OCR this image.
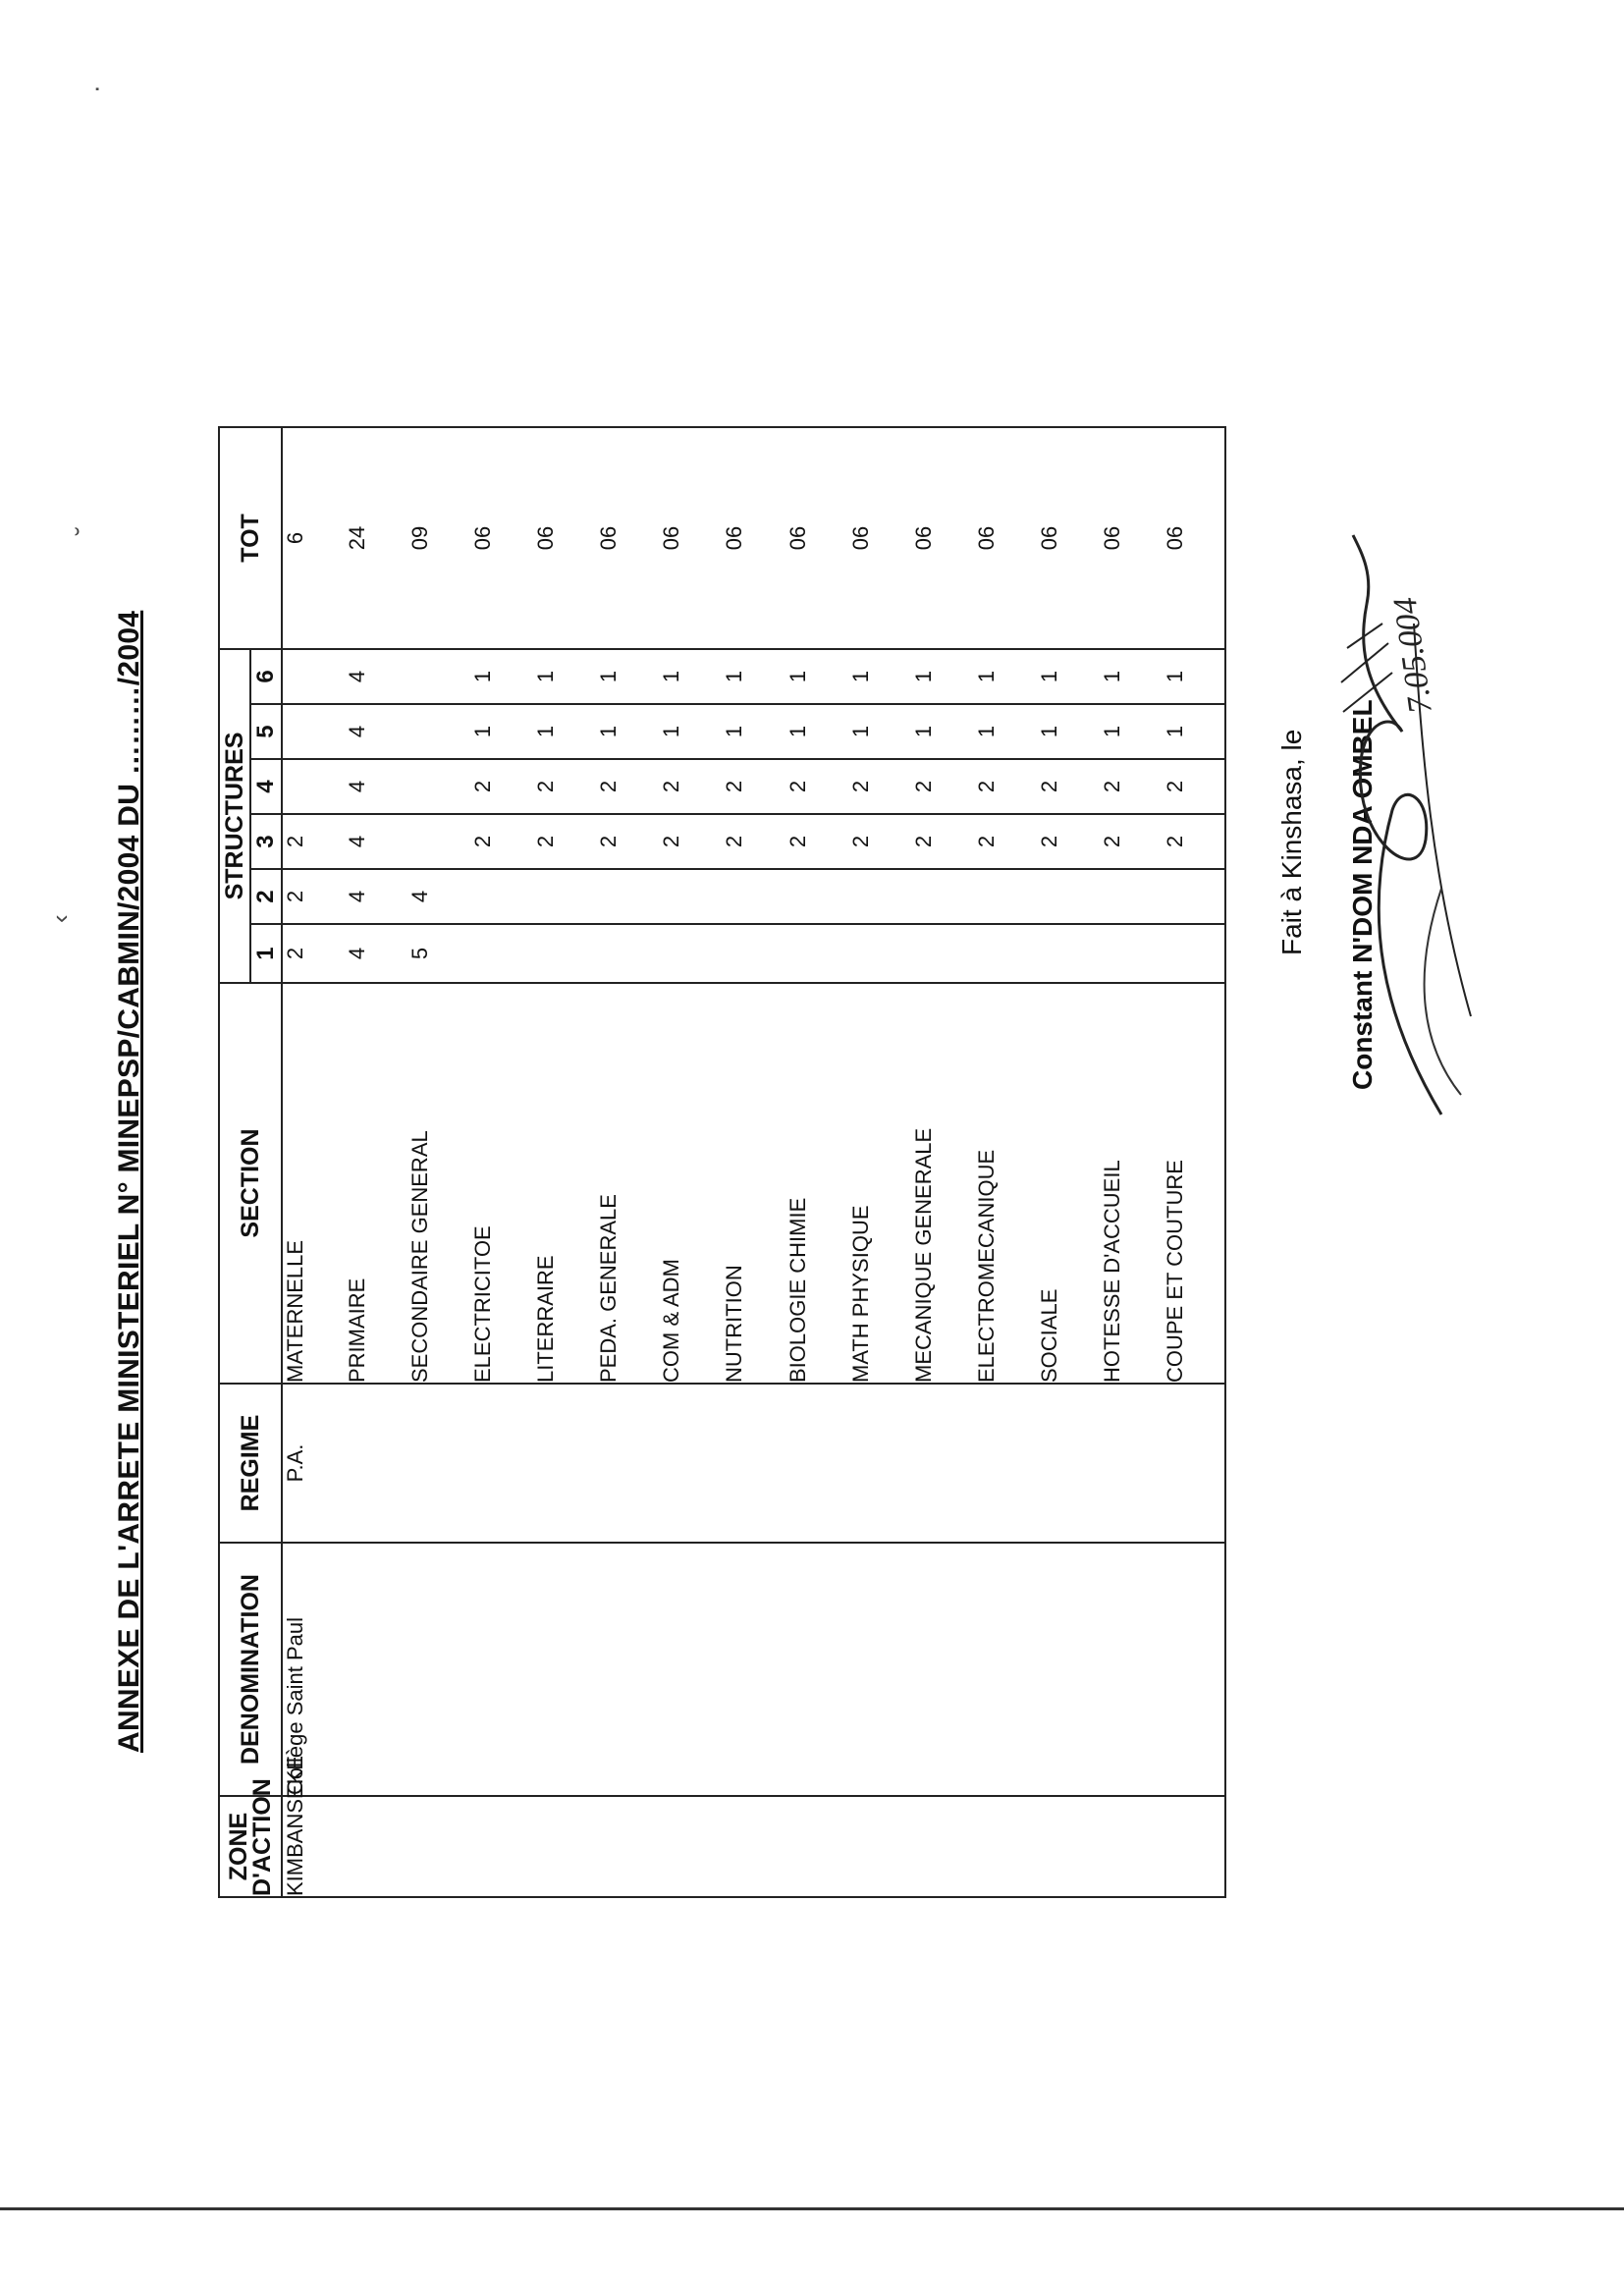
ANNEXE DE L'ARRETE MINISTERIEL N° MINEPSP/CABMIN/2004 DU ………/2004
ZONE D'ACTION	DENOMINATION	REGIME	SECTION	STRUCTURES						TOT
				1	2	3	4	5	6	
KIMBANSEKE	Collège Saint Paul	P.A.	MATERNELLE	2	2	2				6
			PRIMAIRE	4	4	4	4	4	4	24
			SECONDAIRE GENERAL	5	4					09
			ELECTRICITOE			2	2	1	1	06
			LITERRAIRE			2	2	1	1	06
			PEDA. GENERALE			2	2	1	1	06
			COM & ADM			2	2	1	1	06
			NUTRITION			2	2	1	1	06
			BIOLOGIE CHIMIE			2	2	1	1	06
			MATH PHYSIQUE			2	2	1	1	06
			MECANIQUE GENERALE			2	2	1	1	06
			ELECTROMECANIQUE			2	2	1	1	06
			SOCIALE			2	2	1	1	06
			HOTESSE D'ACCUEIL			2	2	1	1	06
			COUPE ET COUTURE			2	2	1	1	06
Fait à Kinshasa, le Constant N'DOM NDA OMBEL
7.05.004
·
˘
‹
